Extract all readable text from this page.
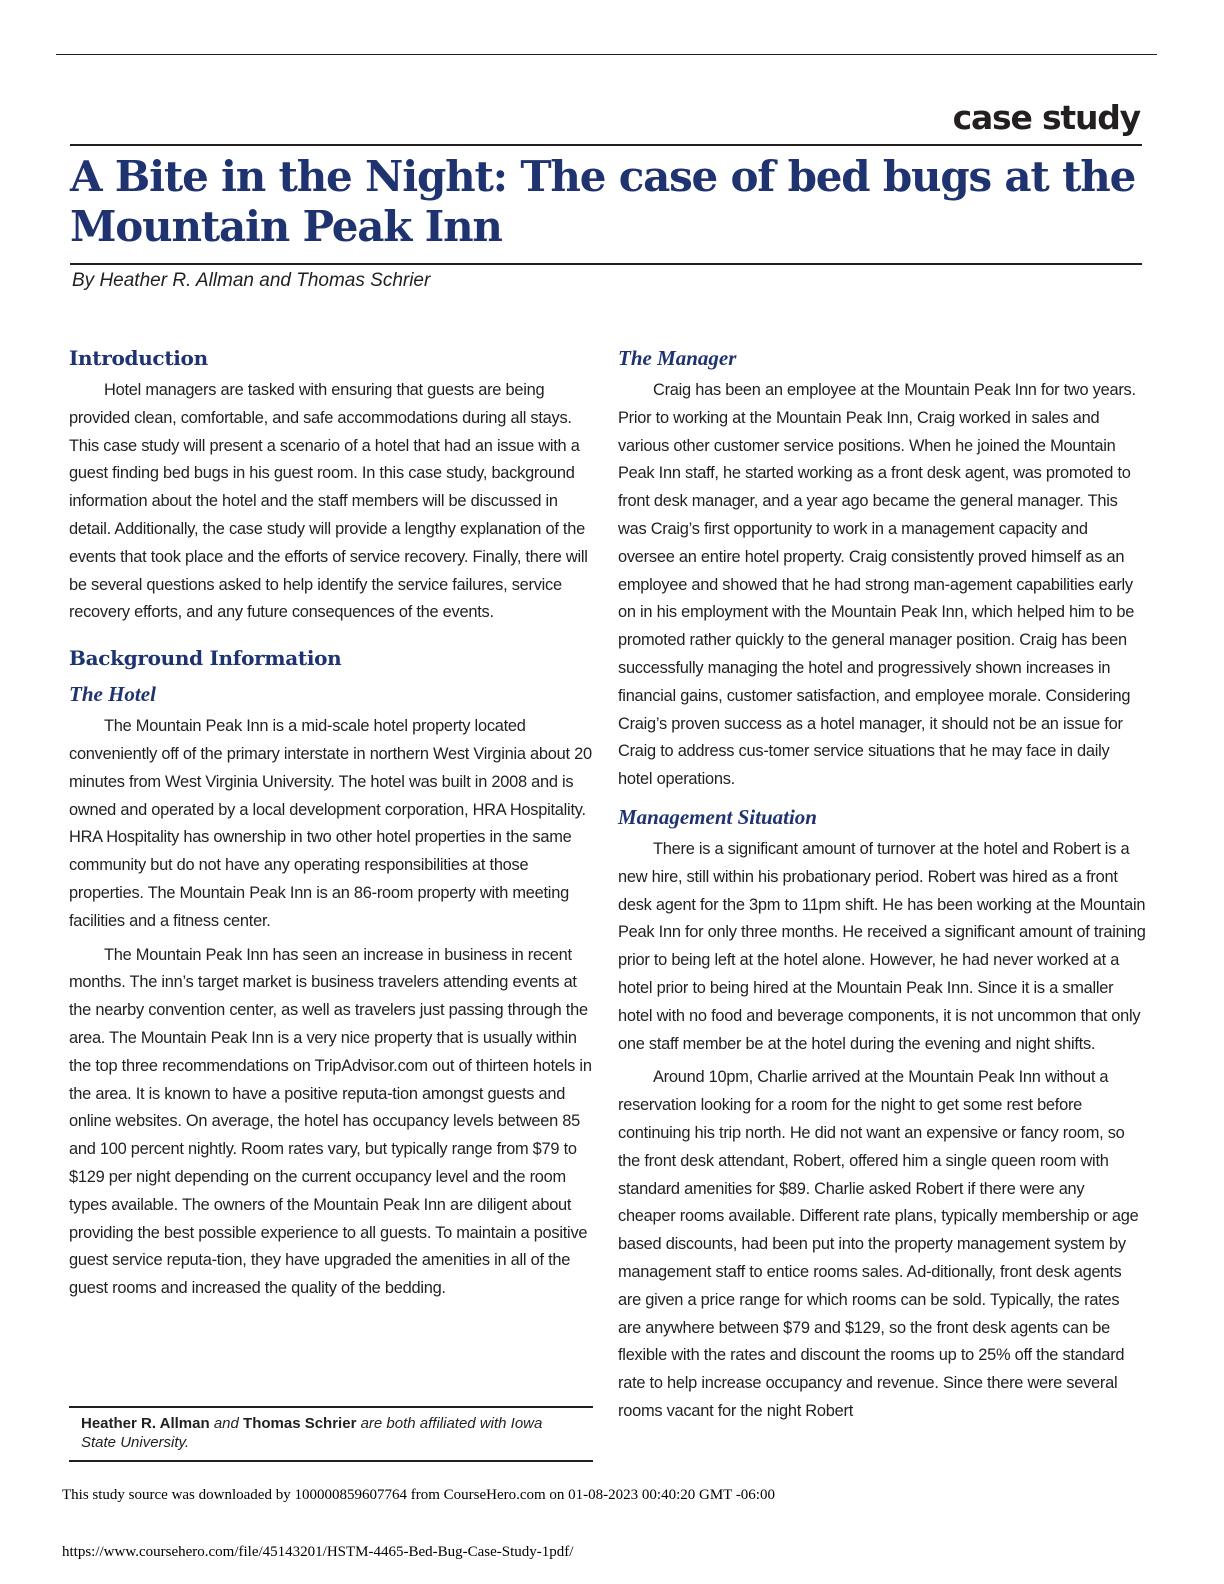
case study
A Bite in the Night: The case of bed bugs at the
Mountain Peak Inn
By Heather R. Allman and Thomas Schrier
Introduction

Hotel managers are tasked with ensuring that guests are being provided clean, comfortable, and safe accommodations during all stays. This case study will present a scenario of a hotel that had an issue with a guest finding bed bugs in his guest room. In this case study, background information about the hotel and the staff members will be discussed in detail. Additionally, the case study will provide a lengthy explanation of the events that took place and the efforts of service recovery. Finally, there will be several questions asked to help identify the service failures, service recovery efforts, and any future consequences of the events.

Background Information
The Hotel

The Mountain Peak Inn is a mid-scale hotel property located conveniently off of the primary interstate in northern West Virginia about 20 minutes from West Virginia University. The hotel was built in 2008 and is owned and operated by a local development corporation, HRA Hospitality. HRA Hospitality has ownership in two other hotel properties in the same community but do not have any operating responsibilities at those properties. The Mountain Peak Inn is an 86-room property with meeting facilities and a fitness center.

The Mountain Peak Inn has seen an increase in business in recent months. The inn’s target market is business travelers attending events at the nearby convention center, as well as travelers just passing through the area. The Mountain Peak Inn is a very nice property that is usually within the top three recommendations on TripAdvisor.com out of thirteen hotels in the area. It is known to have a positive reputa-tion amongst guests and online websites. On average, the hotel has occupancy levels between 85 and 100 percent nightly. Room rates vary, but typically range from $79 to $129 per night depending on the current occupancy level and the room types available. The owners of the Mountain Peak Inn are diligent about providing the best possible experience to all guests. To maintain a positive guest service reputa-tion, they have upgraded the amenities in all of the guest rooms and increased the quality of the bedding.

The Manager

Craig has been an employee at the Mountain Peak Inn for two years. Prior to working at the Mountain Peak Inn, Craig worked in sales and various other customer service positions. When he joined the Mountain Peak Inn staff, he started working as a front desk agent, was promoted to front desk manager, and a year ago became the general manager. This was Craig’s first opportunity to work in a management capacity and oversee an entire hotel property. Craig consistently proved himself as an employee and showed that he had strong man-agement capabilities early on in his employment with the Mountain Peak Inn, which helped him to be promoted rather quickly to the general manager position. Craig has been successfully managing the hotel and progressively shown increases in financial gains, customer satisfaction, and employee morale. Considering Craig’s proven success as a hotel manager, it should not be an issue for Craig to address cus-tomer service situations that he may face in daily hotel operations.

Management Situation

There is a significant amount of turnover at the hotel and Robert is a new hire, still within his probationary period. Robert was hired as a front desk agent for the 3pm to 11pm shift. He has been working at the Mountain Peak Inn for only three months. He received a significant amount of training prior to being left at the hotel alone. However, he had never worked at a hotel prior to being hired at the Mountain Peak Inn. Since it is a smaller hotel with no food and beverage components, it is not uncommon that only one staff member be at the hotel during the evening and night shifts.

Around 10pm, Charlie arrived at the Mountain Peak Inn without a reservation looking for a room for the night to get some rest before continuing his trip north. He did not want an expensive or fancy room, so the front desk attendant, Robert, offered him a single queen room with standard amenities for $89. Charlie asked Robert if there were any cheaper rooms available. Different rate plans, typically membership or age based discounts, had been put into the property management system by management staff to entice rooms sales. Ad-ditionally, front desk agents are given a price range for which rooms can be sold. Typically, the rates are anywhere between $79 and $129, so the front desk agents can be flexible with the rates and discount the rooms up to 25% off the standard rate to help increase occupancy and revenue. Since there were several rooms vacant for the night Robert

Heather R. Allman and Thomas Schrier are both affiliated with Iowa State University.
This study source was downloaded by 100000859607764 from CourseHero.com on 01-08-2023 00:40:20 GMT -06:00
https://www.coursehero.com/file/45143201/HSTM-4465-Bed-Bug-Case-Study-1pdf/
